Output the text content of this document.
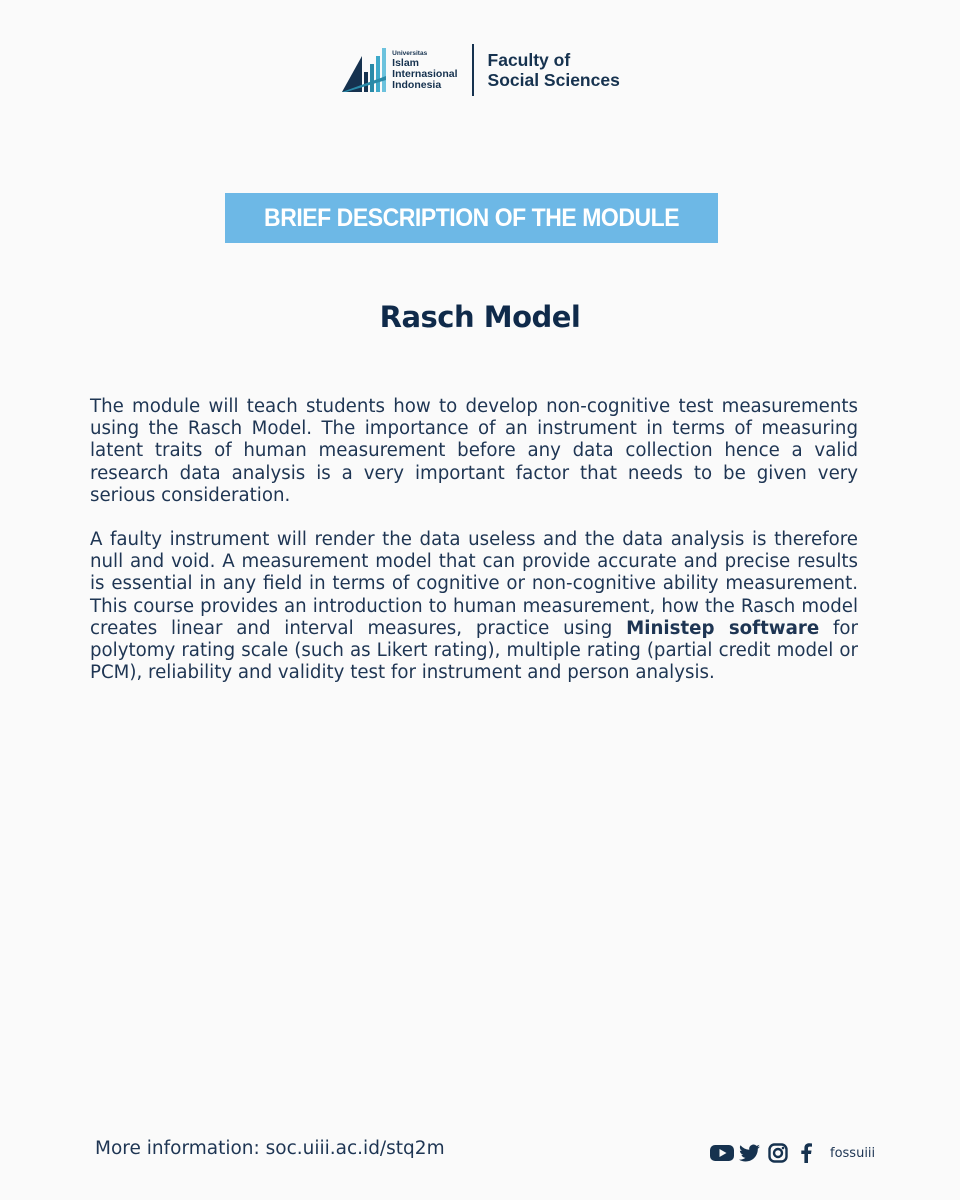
Universitas
Islam
Internasional
Indonesia
Faculty of
Social Sciences
BRIEF DESCRIPTION OF THE MODULE
Rasch Model

The module will teach students how to develop non-cognitive test measurements using the Rasch Model. The importance of an instrument in terms of measuring latent traits of human measurement before any data collection hence a valid research data analysis is a very important factor that needs to be given very serious consideration.

A faulty instrument will render the data useless and the data analysis is therefore null and void. A measurement model that can provide accurate and precise results is essential in any field in terms of cognitive or non-cognitive ability measurement. This course provides an introduction to human measurement, how the Rasch model creates linear and interval measures, practice using Ministep software for polytomy rating scale (such as Likert rating), multiple rating (partial credit model or PCM), reliability and validity test for instrument and person analysis.

More information: soc.uiii.ac.id/stq2m	fossuiii
